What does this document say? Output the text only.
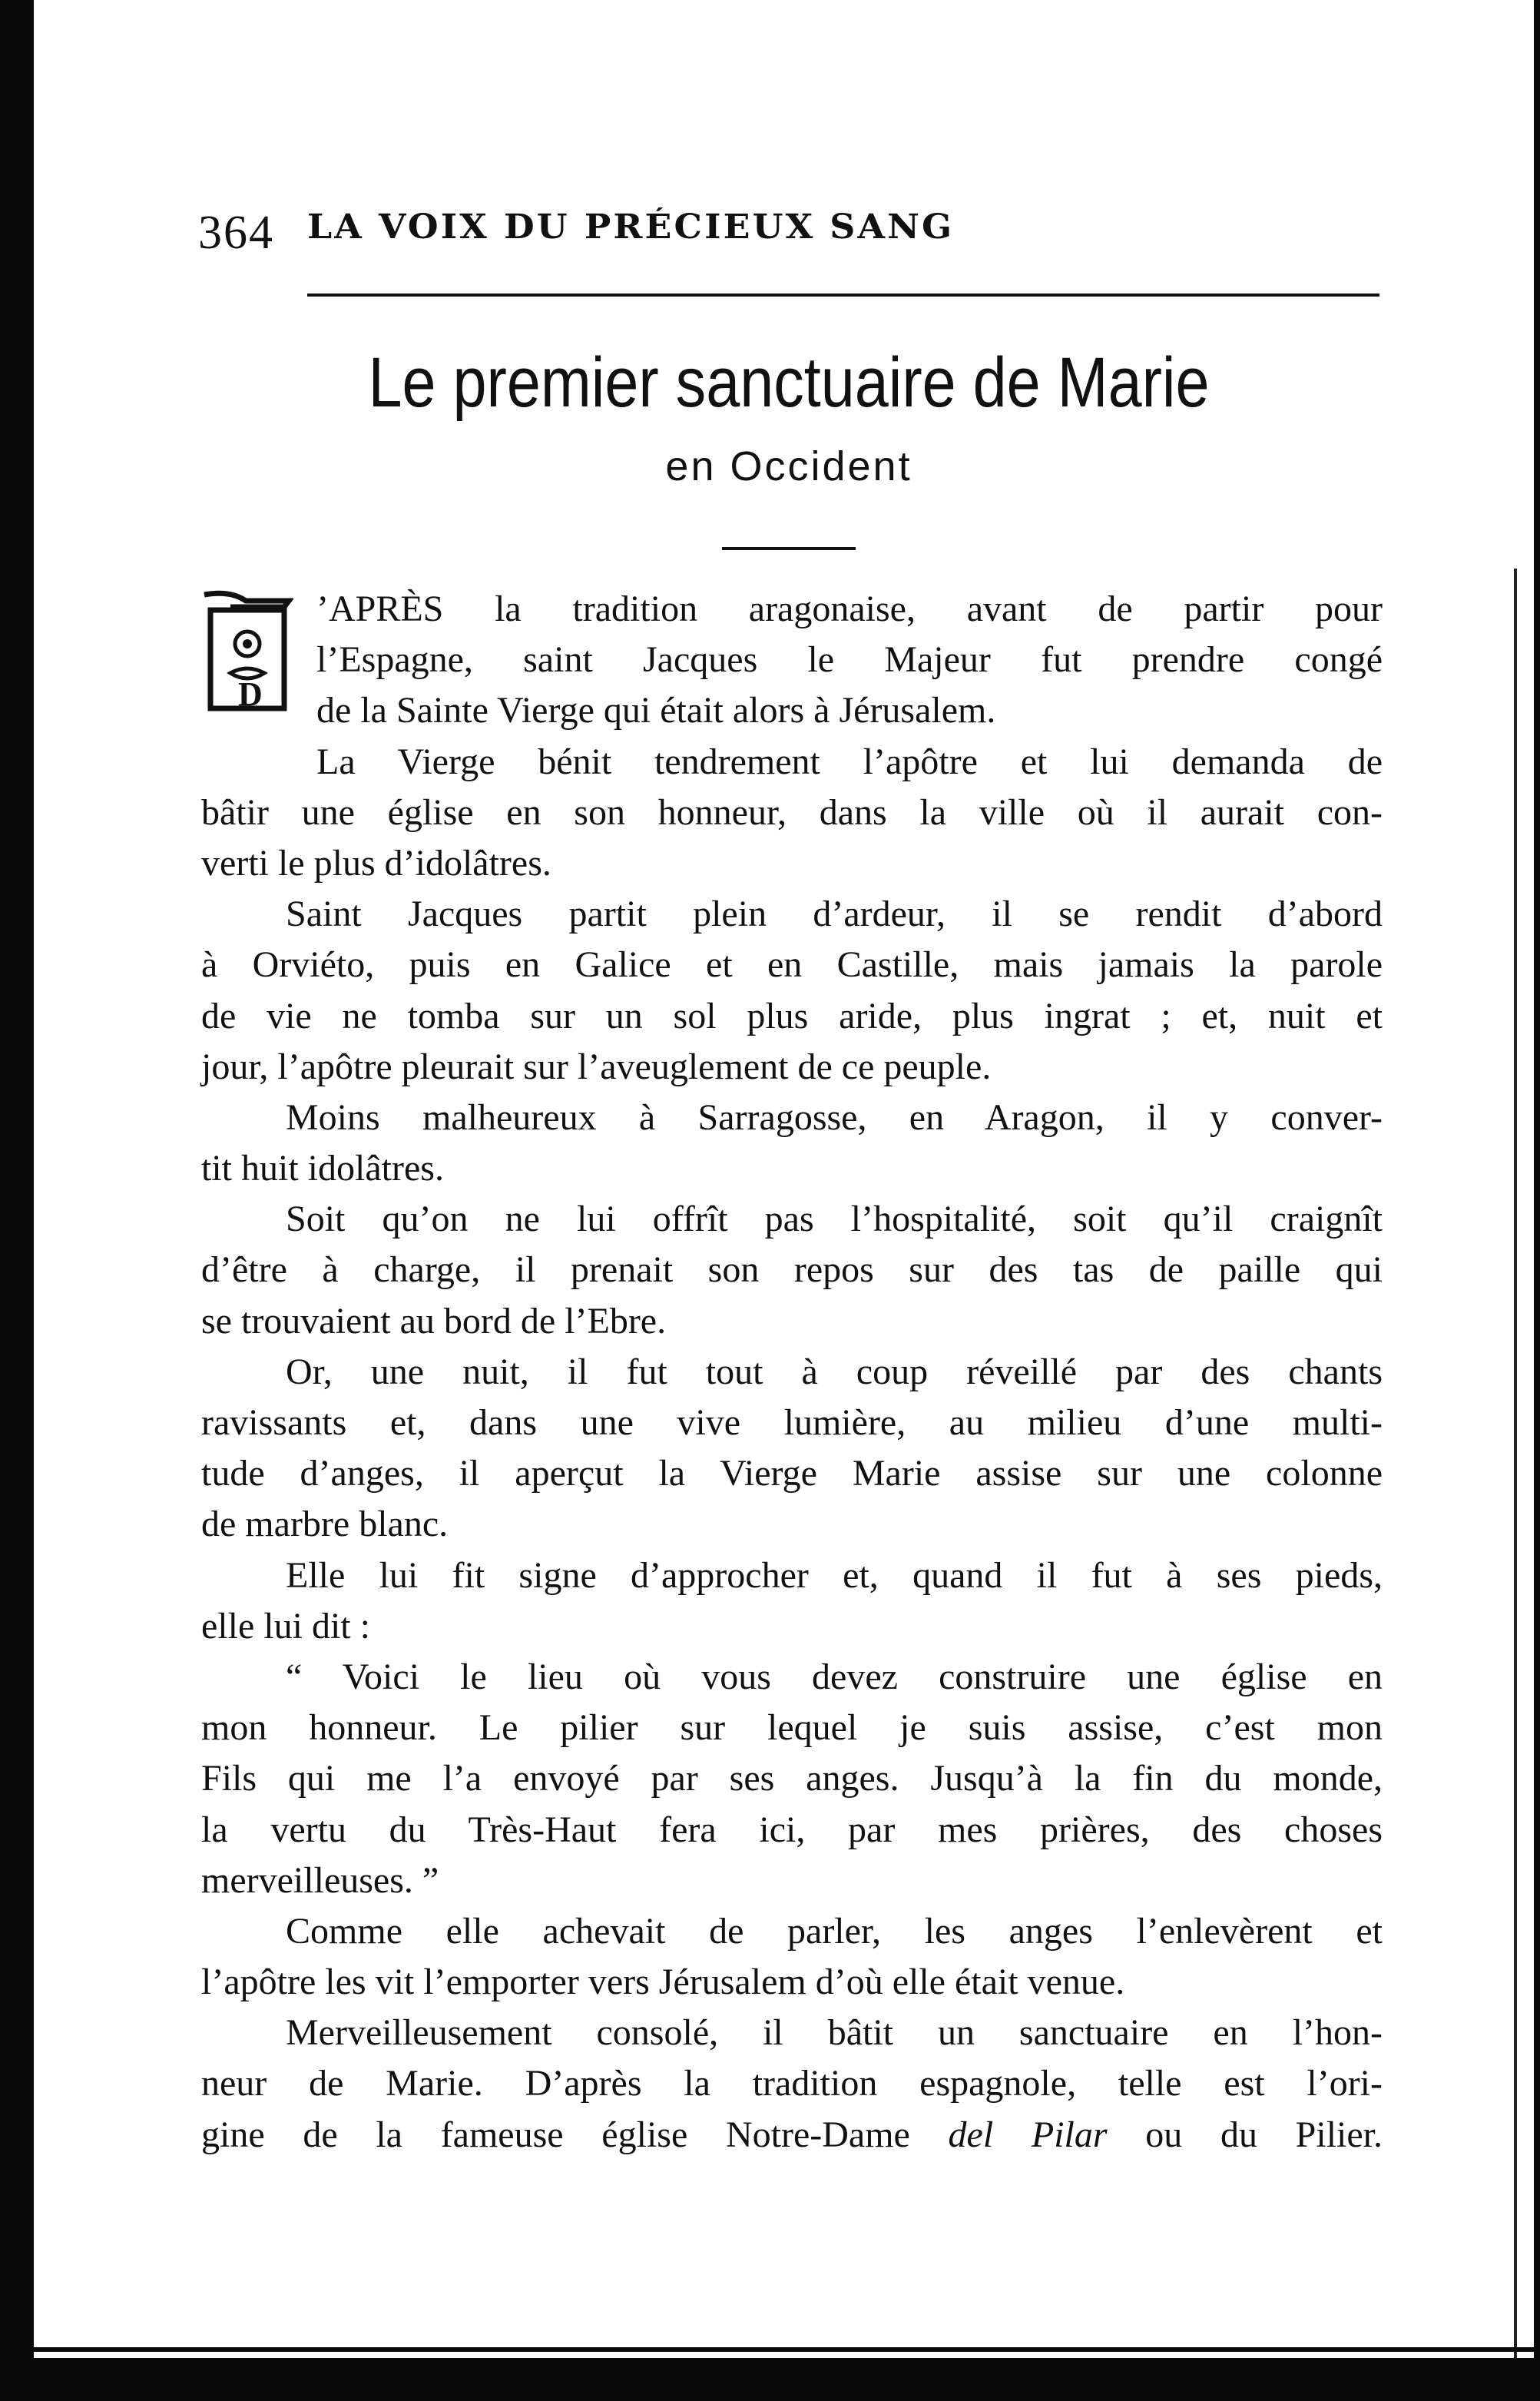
364 LA VOIX DU PRÉCIEUX SANG
Le premier sanctuaire de Marie
en Occident
D
’APRÈS la tradition aragonaise, avant de partir pour
l’Espagne, saint Jacques le Majeur fut prendre congé
de la Sainte Vierge qui était alors à Jérusalem.
La Vierge bénit tendrement l’apôtre et lui demanda de
bâtir une église en son honneur, dans la ville où il aurait con-
verti le plus d’idolâtres.
Saint Jacques partit plein d’ardeur, il se rendit d’abord
à Orviéto, puis en Galice et en Castille, mais jamais la parole
de vie ne tomba sur un sol plus aride, plus ingrat ; et, nuit et
jour, l’apôtre pleurait sur l’aveuglement de ce peuple.
Moins malheureux à Sarragosse, en Aragon, il y conver-
tit huit idolâtres.
Soit qu’on ne lui offrît pas l’hospitalité, soit qu’il craignît
d’être à charge, il prenait son repos sur des tas de paille qui
se trouvaient au bord de l’Ebre.
Or, une nuit, il fut tout à coup réveillé par des chants
ravissants et, dans une vive lumière, au milieu d’une multi-
tude d’anges, il aperçut la Vierge Marie assise sur une colonne
de marbre blanc.
Elle lui fit signe d’approcher et, quand il fut à ses pieds,
elle lui dit :
“ Voici le lieu où vous devez construire une église en
mon honneur. Le pilier sur lequel je suis assise, c’est mon
Fils qui me l’a envoyé par ses anges. Jusqu’à la fin du monde,
la vertu du Très-Haut fera ici, par mes prières, des choses
merveilleuses. ”
Comme elle achevait de parler, les anges l’enlevèrent et
l’apôtre les vit l’emporter vers Jérusalem d’où elle était venue.
Merveilleusement consolé, il bâtit un sanctuaire en l’hon-
neur de Marie. D’après la tradition espagnole, telle est l’ori-
gine de la fameuse église Notre-Dame del Pilar ou du Pilier.
